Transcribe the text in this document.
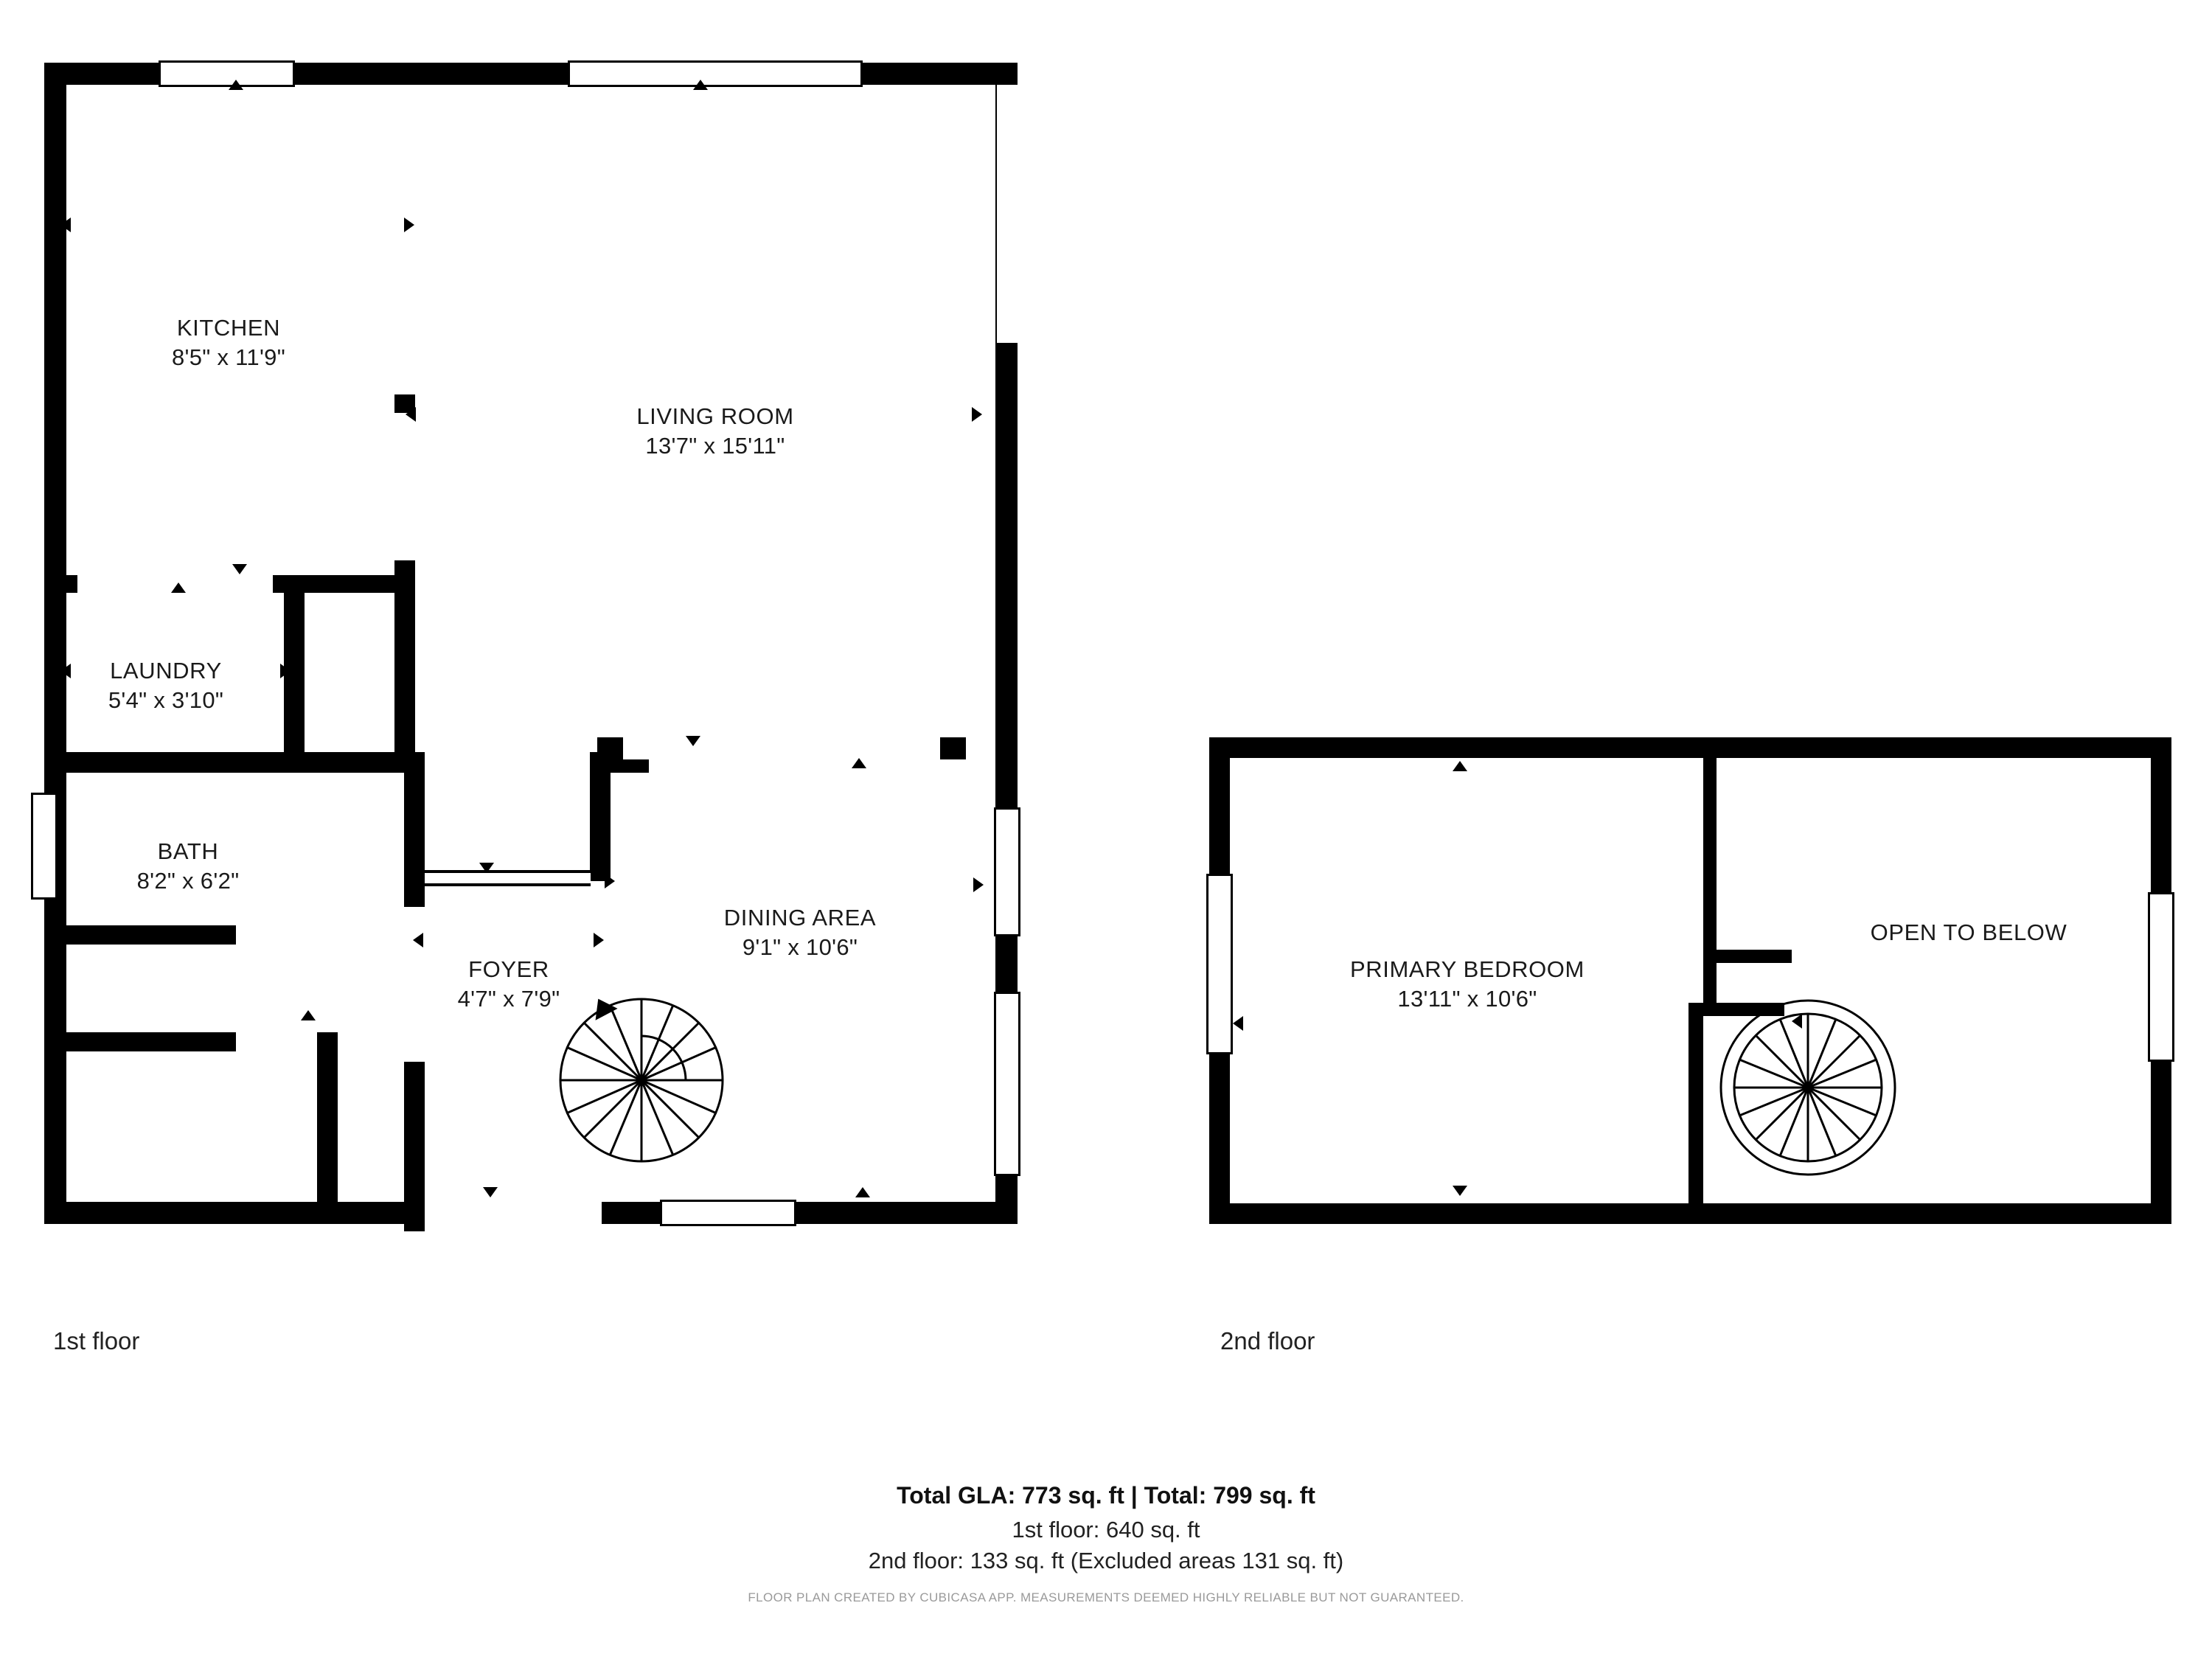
KITCHEN
8'5" x 11'9"
LIVING ROOM
13'7" x 15'11"
LAUNDRY
5'4" x 3'10"
BATH
8'2" x 6'2"
FOYER
4'7" x 7'9"
DINING AREA
9'1" x 10'6"
1st floor
PRIMARY BEDROOM
13'11" x 10'6"
OPEN TO BELOW
2nd floor
Total GLA: 773 sq. ft | Total: 799 sq. ft
1st floor: 640 sq. ft
2nd floor: 133 sq. ft (Excluded areas 131 sq. ft)
FLOOR PLAN CREATED BY CUBICASA APP. MEASUREMENTS DEEMED HIGHLY RELIABLE BUT NOT GUARANTEED.
